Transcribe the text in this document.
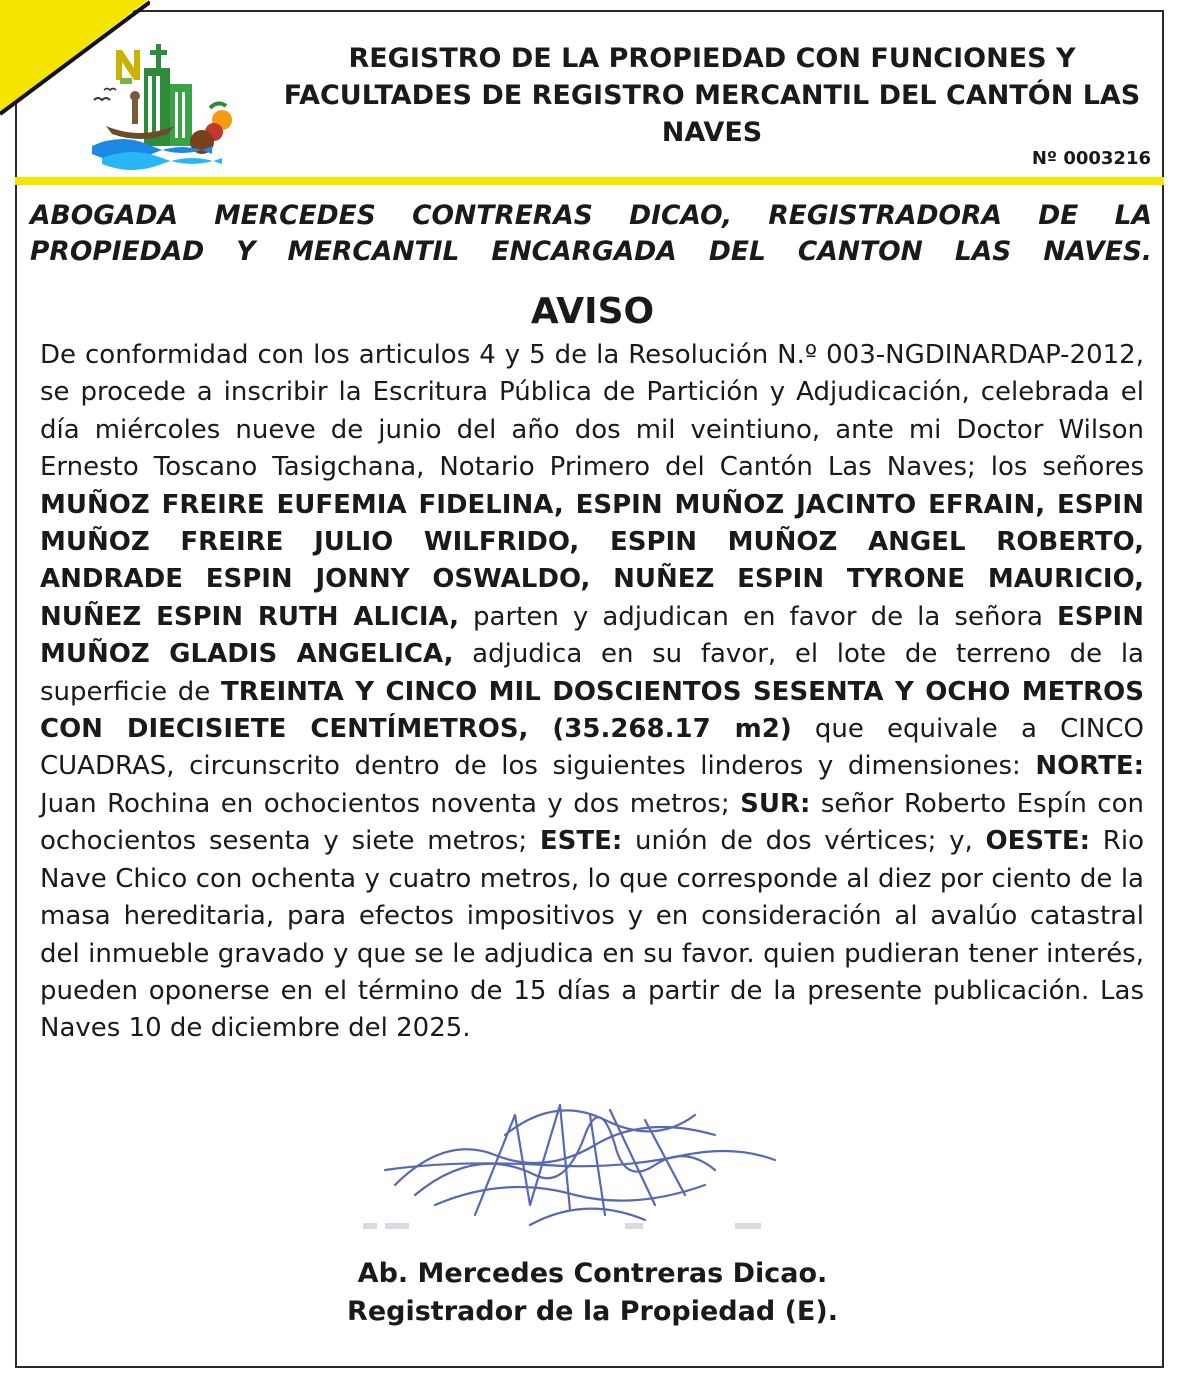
REGISTRO DE LA PROPIEDAD CON FUNCIONES Y FACULTADES DE REGISTRO MERCANTIL DEL CANTÓN LAS NAVES
Nº 0003216

ABOGADA MERCEDES CONTRERAS DICAO, REGISTRADORA DE LA PROPIEDAD Y MERCANTIL ENCARGADA DEL CANTON LAS NAVES.

AVISO

De conformidad con los articulos 4 y 5 de la Resolución N.º 003-NGDINARDAP-2012, se procede a inscribir la Escritura Pública de Partición y Adjudicación, celebrada el día miércoles nueve de junio del año dos mil veintiuno, ante mi Doctor Wilson Ernesto Toscano Tasigchana, Notario Primero del Cantón Las Naves; los señores MUÑOZ FREIRE EUFEMIA FIDELINA, ESPIN MUÑOZ JACINTO EFRAIN, ESPIN MUÑOZ FREIRE JULIO WILFRIDO, ESPIN MUÑOZ ANGEL ROBERTO, ANDRADE ESPIN JONNY OSWALDO, NUÑEZ ESPIN TYRONE MAURICIO, NUÑEZ ESPIN RUTH ALICIA, parten y adjudican en favor de la señora ESPIN MUÑOZ GLADIS ANGELICA, adjudica en su favor, el lote de terreno de la superficie de TREINTA Y CINCO MIL DOSCIENTOS SESENTA Y OCHO METROS CON DIECISIETE CENTÍMETROS, (35.268.17 m2) que equivale a CINCO CUADRAS, circunscrito dentro de los siguientes linderos y dimensiones: NORTE: Juan Rochina en ochocientos noventa y dos metros; SUR: señor Roberto Espín con ochocientos sesenta y siete metros; ESTE: unión de dos vértices; y, OESTE: Rio Nave Chico con ochenta y cuatro metros, lo que corresponde al diez por ciento de la masa hereditaria, para efectos impositivos y en consideración al avalúo catastral del inmueble gravado y que se le adjudica en su favor. quien pudieran tener interés, pueden oponerse en el término de 15 días a partir de la presente publicación. Las Naves 10 de diciembre del 2025.

Ab. Mercedes Contreras Dicao.
Registrador de la Propiedad (E).
